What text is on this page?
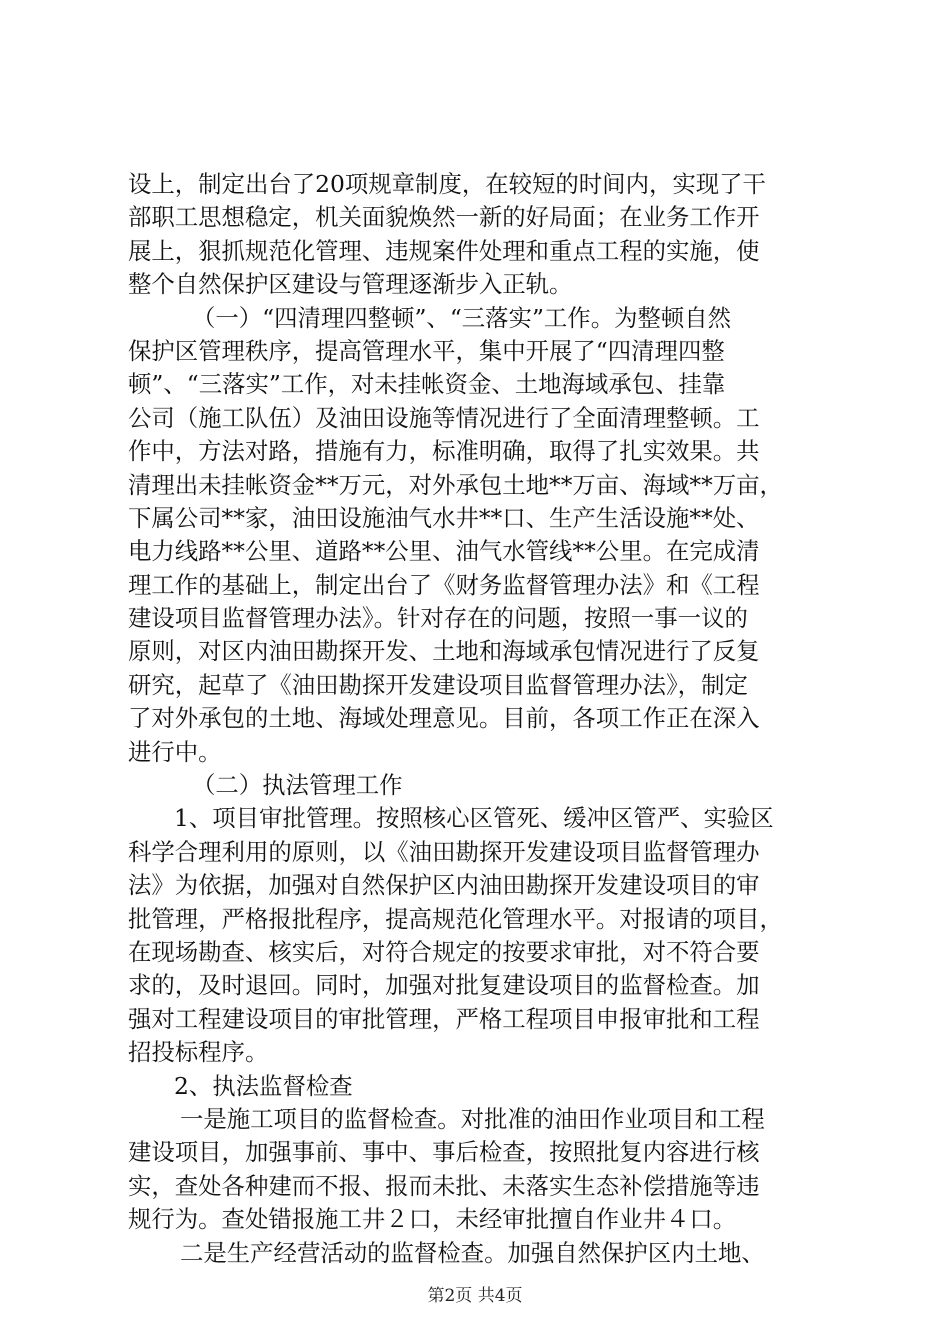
设上，制定出台了20项规章制度，在较短的时间内，实现了干
部职工思想稳定，机关面貌焕然一新的好局面；在业务工作开
展上，狠抓规范化管理、违规案件处理和重点工程的实施，使
整个自然保护区建设与管理逐渐步入正轨。
（一）“四清理四整顿”、“三落实”工作。为整顿自然
保护区管理秩序，提高管理水平，集中开展了“四清理四整
顿”、“三落实”工作，对未挂帐资金、土地海域承包、挂靠
公司（施工队伍）及油田设施等情况进行了全面清理整顿。工
作中，方法对路，措施有力，标准明确，取得了扎实效果。共
清理出未挂帐资金**万元，对外承包土地**万亩、海域**万亩，
下属公司**家，油田设施油气水井**口、生产生活设施**处、
电力线路**公里、道路**公里、油气水管线**公里。在完成清
理工作的基础上，制定出台了《财务监督管理办法》和《工程
建设项目监督管理办法》。针对存在的问题，按照一事一议的
原则，对区内油田勘探开发、土地和海域承包情况进行了反复
研究，起草了《油田勘探开发建设项目监督管理办法》，制定
了对外承包的土地、海域处理意见。目前，各项工作正在深入
进行中。
（二）执法管理工作
1、项目审批管理。按照核心区管死、缓冲区管严、实验区
科学合理利用的原则，以《油田勘探开发建设项目监督管理办
法》为依据，加强对自然保护区内油田勘探开发建设项目的审
批管理，严格报批程序，提高规范化管理水平。对报请的项目，
在现场勘查、核实后，对符合规定的按要求审批，对不符合要
求的，及时退回。同时，加强对批复建设项目的监督检查。加
强对工程建设项目的审批管理，严格工程项目申报审批和工程
招投标程序。
2、执法监督检查
一是施工项目的监督检查。对批准的油田作业项目和工程
建设项目，加强事前、事中、事后检查，按照批复内容进行核
实，查处各种建而不报、报而未批、未落实生态补偿措施等违
规行为。查处错报施工井２口，未经审批擅自作业井４口。
二是生产经营活动的监督检查。加强自然保护区内土地、
第2页 共4页
